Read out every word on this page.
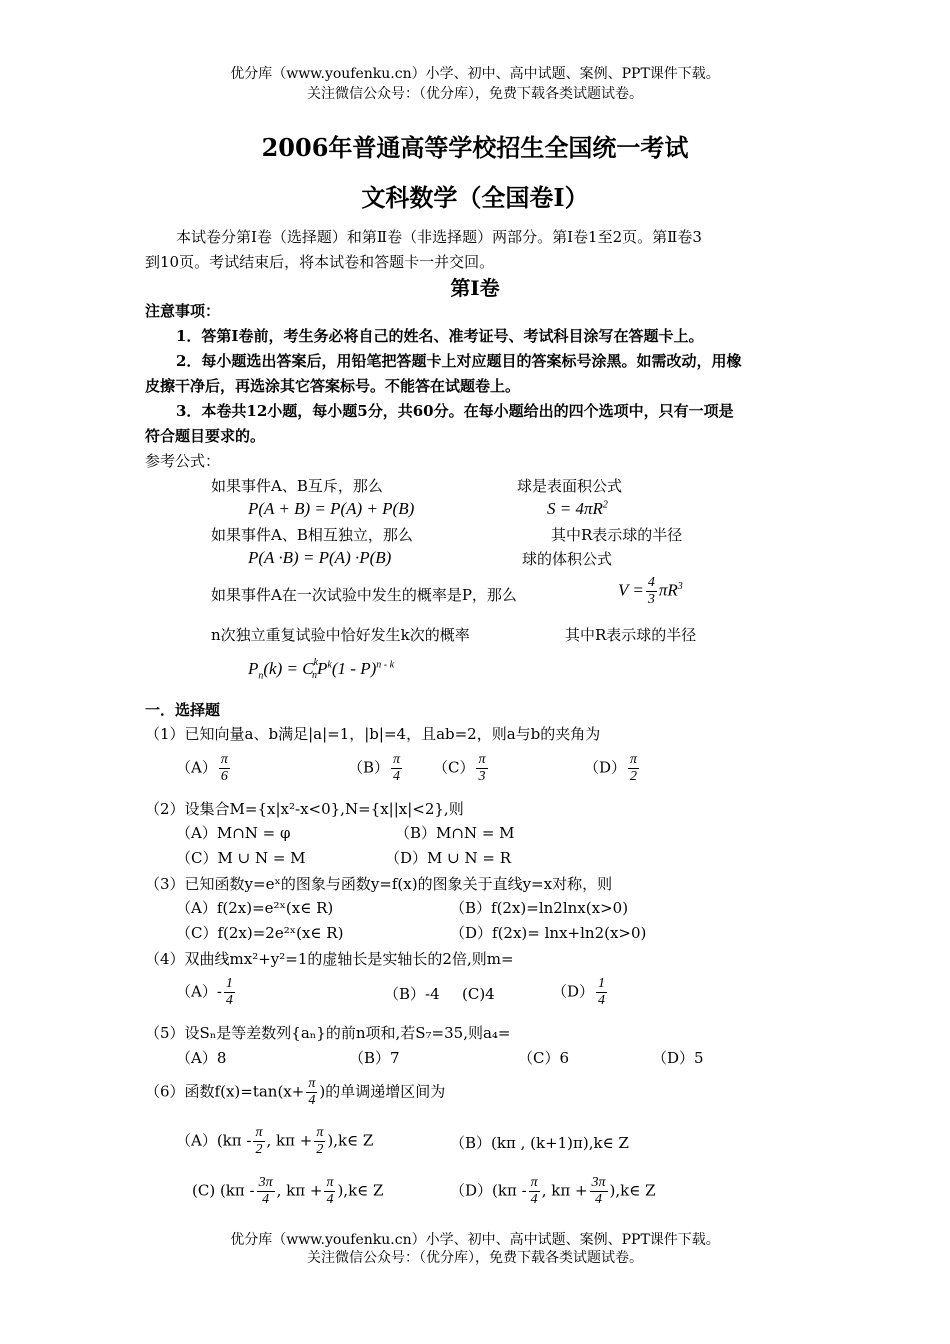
优分库（www.youfenku.cn）小学、初中、高中试题、案例、PPT课件下载。
关注微信公众号：（优分库），免费下载各类试题试卷。
2006年普通高等学校招生全国统一考试
文科数学（全国卷Ⅰ）
本试卷分第Ⅰ卷（选择题）和第Ⅱ卷（非选择题）两部分。第Ⅰ卷1至2页。第Ⅱ卷3
到10页。考试结束后，将本试卷和答题卡一并交回。
第Ⅰ卷
注意事项：
1．答第Ⅰ卷前，考生务必将自己的姓名、准考证号、考试科目涂写在答题卡上。
2．每小题选出答案后，用铅笔把答题卡上对应题目的答案标号涂黑。如需改动，用橡
皮擦干净后，再选涂其它答案标号。不能答在试题卷上。
3．本卷共12小题，每小题5分，共60分。在每小题给出的四个选项中，只有一项是
符合题目要求的。
参考公式：
如果事件A、B互斥，那么
P(A + B) = P(A) + P(B)
如果事件A、B相互独立，那么
P(A ·B) = P(A) ·P(B)
如果事件A在一次试验中发生的概率是P，那么
n次独立重复试验中恰好发生k次的概率
$P_n(k) = C^k_nP^k(1 - P)^{n - k}$
球是表面积公式
$S = 4\pi R^2$
其中R表示球的半径
球的体积公式
$V = \frac{4}{3} \pi R^3$
其中R表示球的半径
一．选择题
（1）已知向量a、b满足|a|=1，|b|=4，且ab=2，则a与b的夹角为
$(A) \frac{\pi}{6}$	$(B) \frac{\pi}{4} (C) \frac{\pi}{3}$	$(D) \frac{\pi}{2}$
（2）设集合M={x|x²-x<0},N={x||x|<2},则
（A）M∩N = φ	（B）M∩N = M
（C）M ∪ N = M	（D）M ∪ N = R
（3）已知函数y=eˣ的图象与函数y=f(x)的图象关于直线y=x对称，则
（A）f(2x)=e²ˣ(x∈ R)	（B）f(2x)=ln2lnx(x>0)
（C）f(2x)=2e²ˣ(x∈ R)	（D）f(2x)= lnx+ln2(x>0)
（4）双曲线mx²+y²=1的虚轴长是实轴长的2倍,则m=
$(A)- \frac{1}{4}$	（B）-4 (C)4	$(D) \frac{1}{4}$
（5）设Sₙ是等差数列{aₙ}的前n项和,若S₇=35,则a₄=
（A）8	（B）7	（C）6	（D）5
（6）函数$f(x)=\tan(x+ \frac{\pi}{4}$ )的单调递增区间为
$(A)(k\pi - \frac{\pi}{2}$ , $k\pi + \frac{\pi}{2}$ ),k∈ Z	（B）(kπ , (k+1)π),k∈ Z
(C) ($k\pi - \frac{3\pi}{4}$ , $k\pi + \frac{\pi}{4}$ ),k∈ Z	$(D)(k\pi - \frac{\pi}{4}$ , $k\pi + \frac{3\pi}{4}$ ),k∈ Z
优分库（www.youfenku.cn）小学、初中、高中试题、案例、PPT课件下载。
关注微信公众号：（优分库），免费下载各类试题试卷。
